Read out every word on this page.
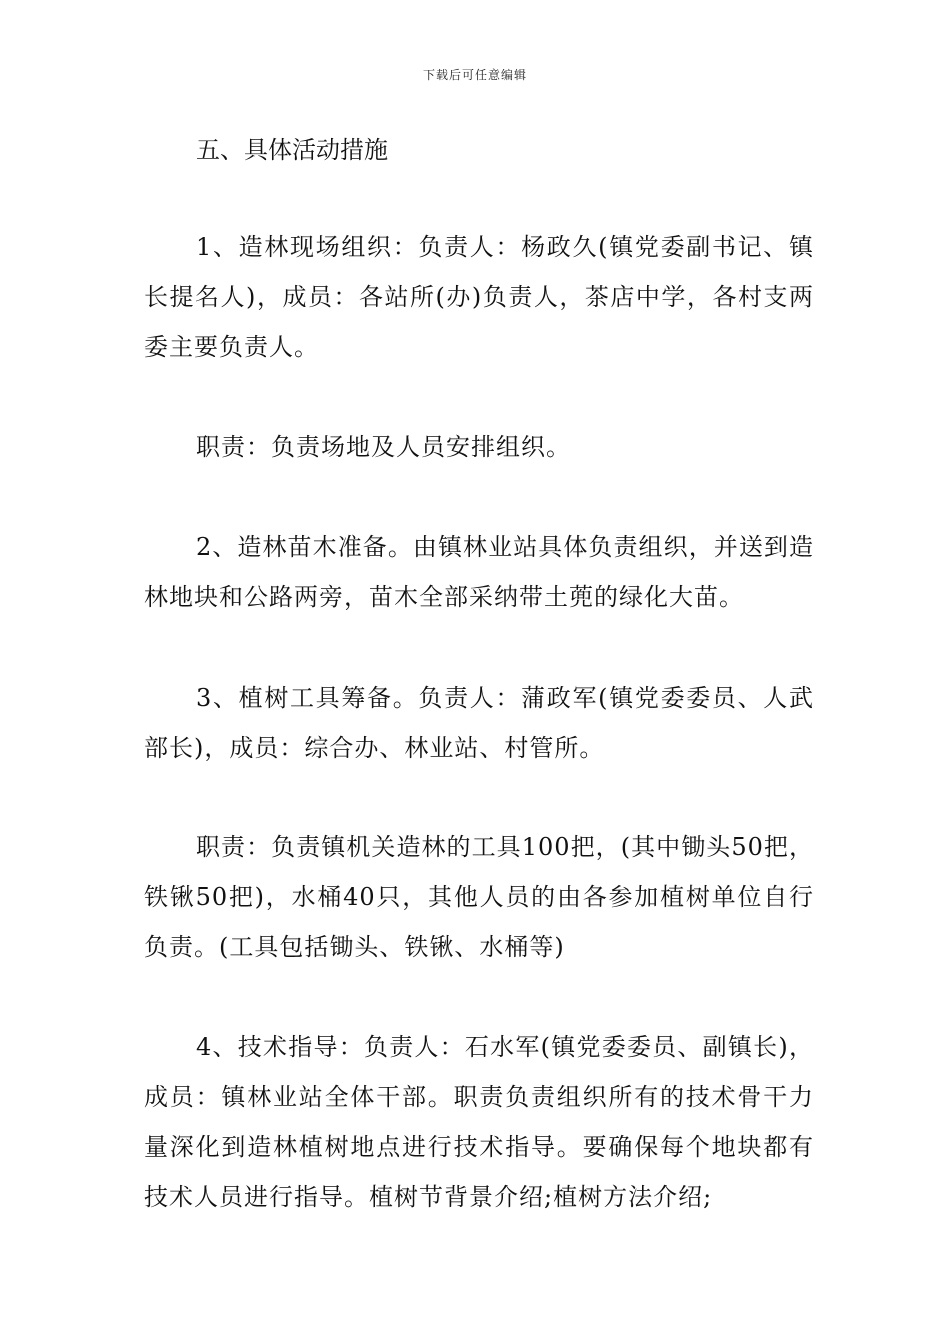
下载后可任意编辑
五、具体活动措施

1、造林现场组织：负责人：杨政久(镇党委副书记、镇长提名人)，成员：各站所(办)负责人，茶店中学，各村支两委主要负责人。

职责：负责场地及人员安排组织。

2、造林苗木准备。由镇林业站具体负责组织，并送到造林地块和公路两旁，苗木全部采纳带土蔸的绿化大苗。

3、植树工具筹备。负责人：蒲政军(镇党委委员、人武部长)，成员：综合办、林业站、村管所。

职责：负责镇机关造林的工具100把，(其中锄头50把，铁锹50把)，水桶40只，其他人员的由各参加植树单位自行负责。(工具包括锄头、铁锹、水桶等)

4、技术指导：负责人：石水军(镇党委委员、副镇长)，成员：镇林业站全体干部。职责负责组织所有的技术骨干力量深化到造林植树地点进行技术指导。要确保每个地块都有技术人员进行指导。植树节背景介绍;植树方法介绍;
